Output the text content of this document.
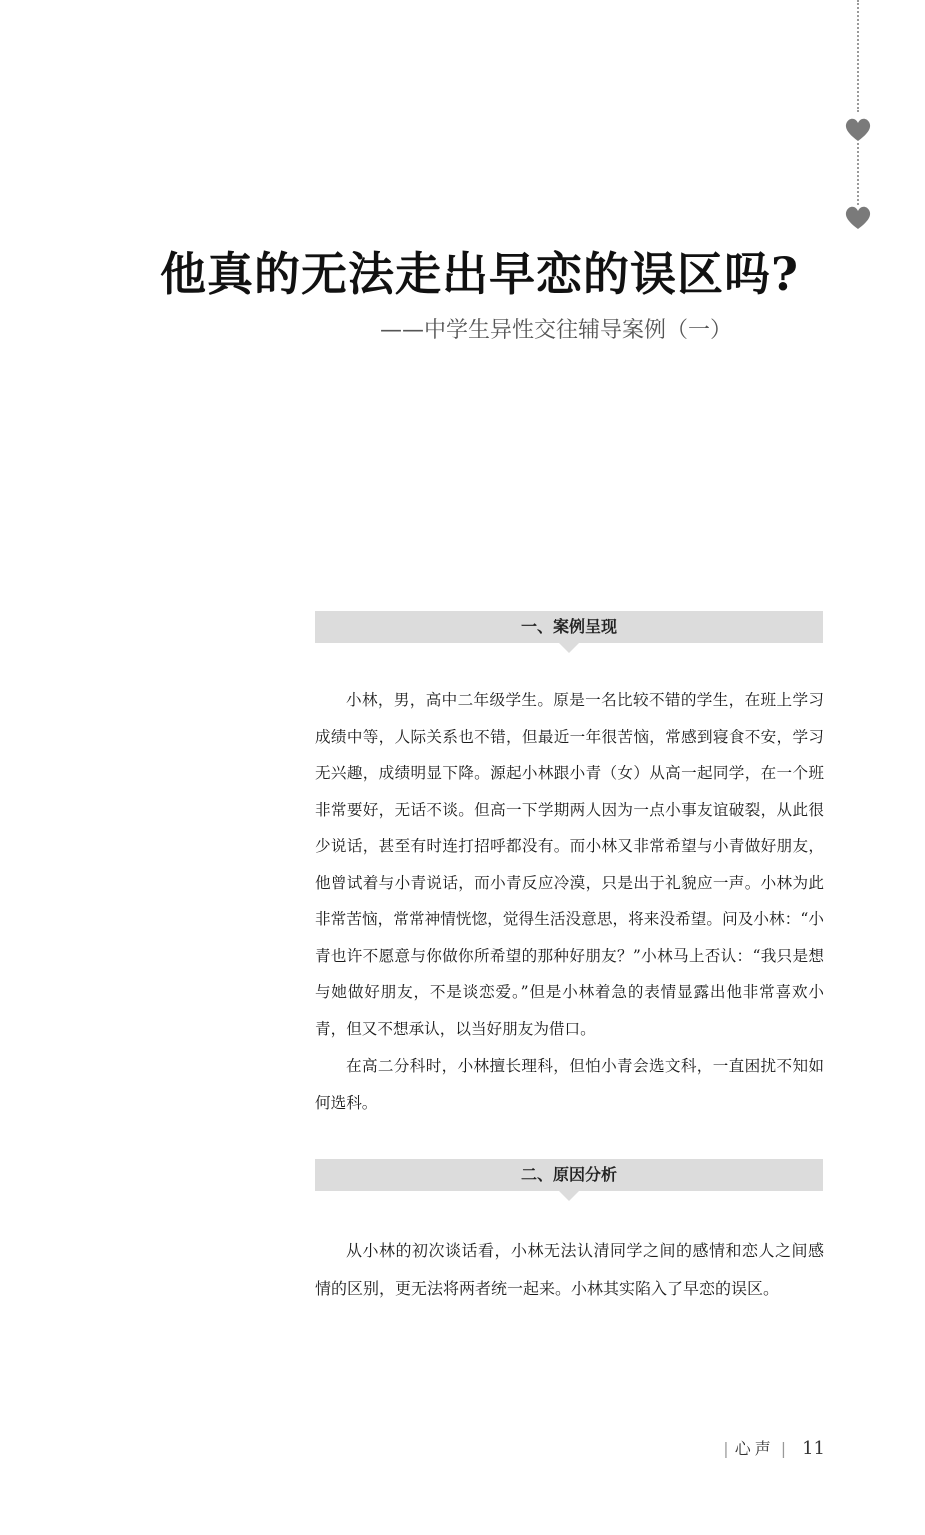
他真的无法走出早恋的误区吗?
——中学生异性交往辅导案例（一）
一、案例呈现

小林，男，高中二年级学生。原是一名比较不错的学生，在班上学习成绩中等，人际关系也不错，但最近一年很苦恼，常感到寝食不安，学习无兴趣，成绩明显下降。源起小林跟小青（女）从高一起同学，在一个班非常要好，无话不谈。但高一下学期两人因为一点小事友谊破裂，从此很少说话，甚至有时连打招呼都没有。而小林又非常希望与小青做好朋友，他曾试着与小青说话，而小青反应冷漠，只是出于礼貌应一声。小林为此非常苦恼，常常神情恍惚，觉得生活没意思，将来没希望。问及小林：“小青也许不愿意与你做你所希望的那种好朋友？”小林马上否认：“我只是想与她做好朋友，不是谈恋爱。”但是小林着急的表情显露出他非常喜欢小青，但又不想承认，以当好朋友为借口。

在高二分科时，小林擅长理科，但怕小青会选文科，一直困扰不知如何选科。

二、原因分析

从小林的初次谈话看，小林无法认清同学之间的感情和恋人之间感情的区别，更无法将两者统一起来。小林其实陷入了早恋的误区。

| 心声 | 11
